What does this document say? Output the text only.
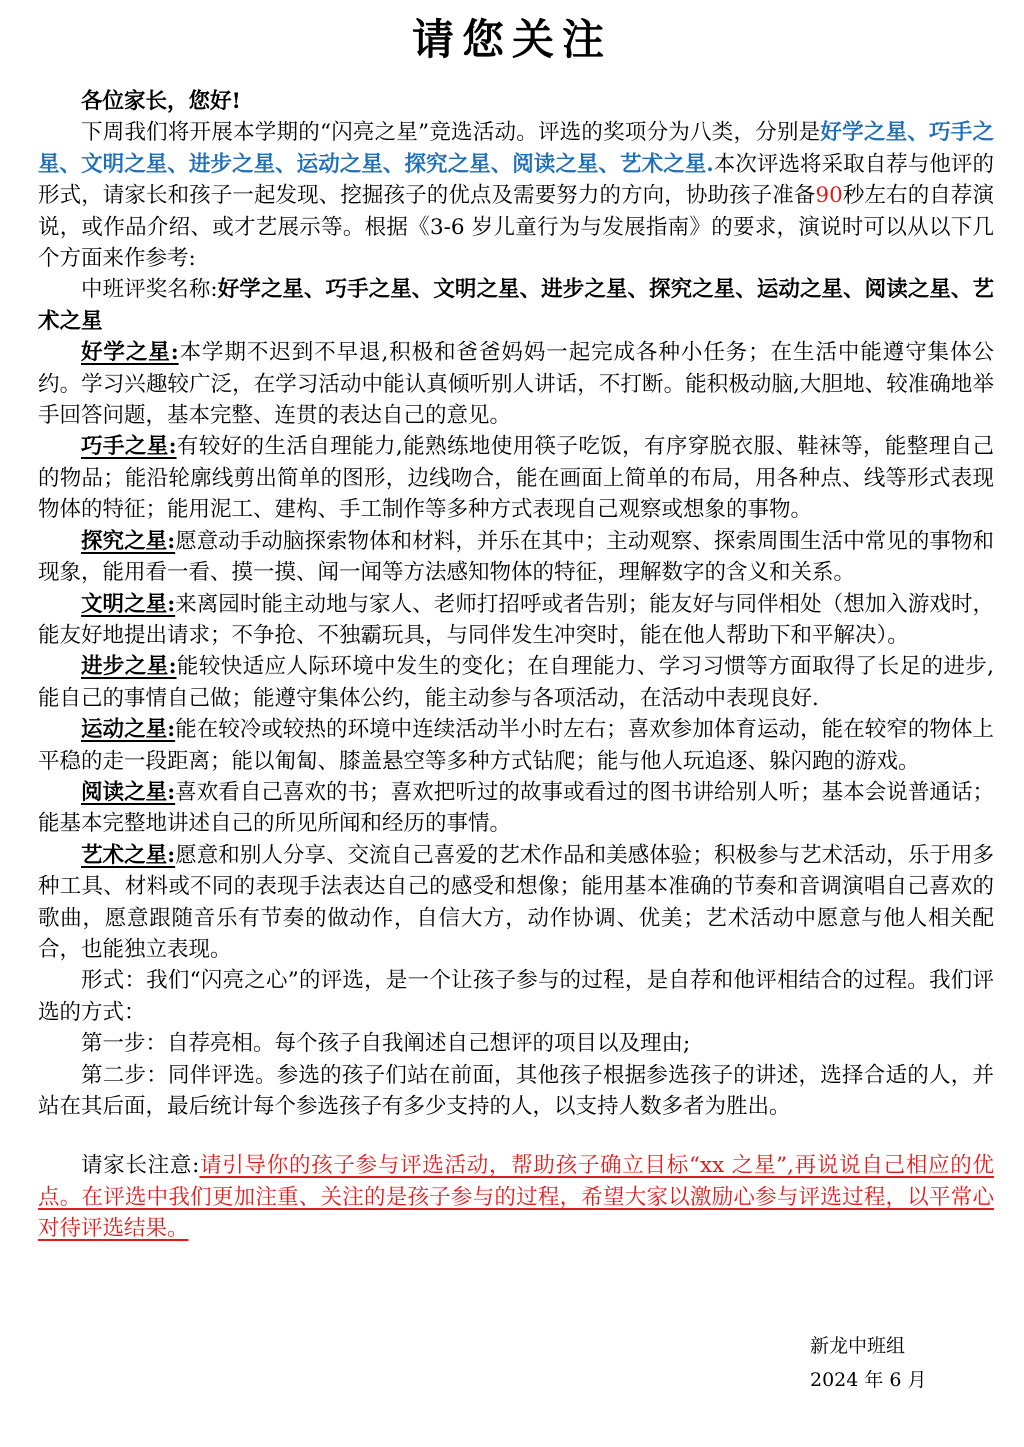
请您关注

各位家长，您好!

下周我们将开展本学期的“闪亮之星”竞选活动。评选的奖项分为八类，分别是好学之星、巧手之星、文明之星、进步之星、运动之星、探究之星、阅读之星、艺术之星.本次评选将采取自荐与他评的形式，请家长和孩子一起发现、挖掘孩子的优点及需要努力的方向，协助孩子准备90秒左右的自荐演说，或作品介绍、或才艺展示等。根据《3-6 岁儿童行为与发展指南》的要求，演说时可以从以下几个方面来作参考:

中班评奖名称:好学之星、巧手之星、文明之星、进步之星、探究之星、运动之星、阅读之星、艺术之星

好学之星:本学期不迟到不早退,积极和爸爸妈妈一起完成各种小任务；在生活中能遵守集体公约。学习兴趣较广泛，在学习活动中能认真倾听别人讲话，不打断。能积极动脑,大胆地、较准确地举手回答问题，基本完整、连贯的表达自己的意见。

巧手之星:有较好的生活自理能力,能熟练地使用筷子吃饭，有序穿脱衣服、鞋袜等，能整理自己的物品；能沿轮廓线剪出简单的图形，边线吻合，能在画面上简单的布局，用各种点、线等形式表现物体的特征；能用泥工、建构、手工制作等多种方式表现自己观察或想象的事物。

探究之星:愿意动手动脑探索物体和材料，并乐在其中；主动观察、探索周围生活中常见的事物和现象，能用看一看、摸一摸、闻一闻等方法感知物体的特征，理解数字的含义和关系。

文明之星:来离园时能主动地与家人、老师打招呼或者告别；能友好与同伴相处（想加入游戏时，能友好地提出请求；不争抢、不独霸玩具，与同伴发生冲突时，能在他人帮助下和平解决）。

进步之星:能较快适应人际环境中发生的变化；在自理能力、学习习惯等方面取得了长足的进步,能自己的事情自己做；能遵守集体公约，能主动参与各项活动，在活动中表现良好．

运动之星:能在较冷或较热的环境中连续活动半小时左右；喜欢参加体育运动，能在较窄的物体上平稳的走一段距离；能以匍匐、膝盖悬空等多种方式钻爬；能与他人玩追逐、躲闪跑的游戏。

阅读之星:喜欢看自己喜欢的书；喜欢把听过的故事或看过的图书讲给别人听；基本会说普通话；能基本完整地讲述自己的所见所闻和经历的事情。

艺术之星:愿意和别人分享、交流自己喜爱的艺术作品和美感体验；积极参与艺术活动，乐于用多种工具、材料或不同的表现手法表达自己的感受和想像；能用基本准确的节奏和音调演唱自己喜欢的歌曲，愿意跟随音乐有节奏的做动作，自信大方，动作协调、优美；艺术活动中愿意与他人相关配合，也能独立表现。

形式：我们“闪亮之心”的评选，是一个让孩子参与的过程，是自荐和他评相结合的过程。我们评选的方式：

第一步：自荐亮相。每个孩子自我阐述自己想评的项目以及理由;

第二步：同伴评选。参选的孩子们站在前面，其他孩子根据参选孩子的讲述，选择合适的人，并站在其后面，最后统计每个参选孩子有多少支持的人，以支持人数多者为胜出。

请家长注意:请引导你的孩子参与评选活动，帮助孩子确立目标“xx 之星”,再说说自己相应的优点。在评选中我们更加注重、关注的是孩子参与的过程，希望大家以激励心参与评选过程，以平常心对待评选结果。

新龙中班组
2024 年 6 月
